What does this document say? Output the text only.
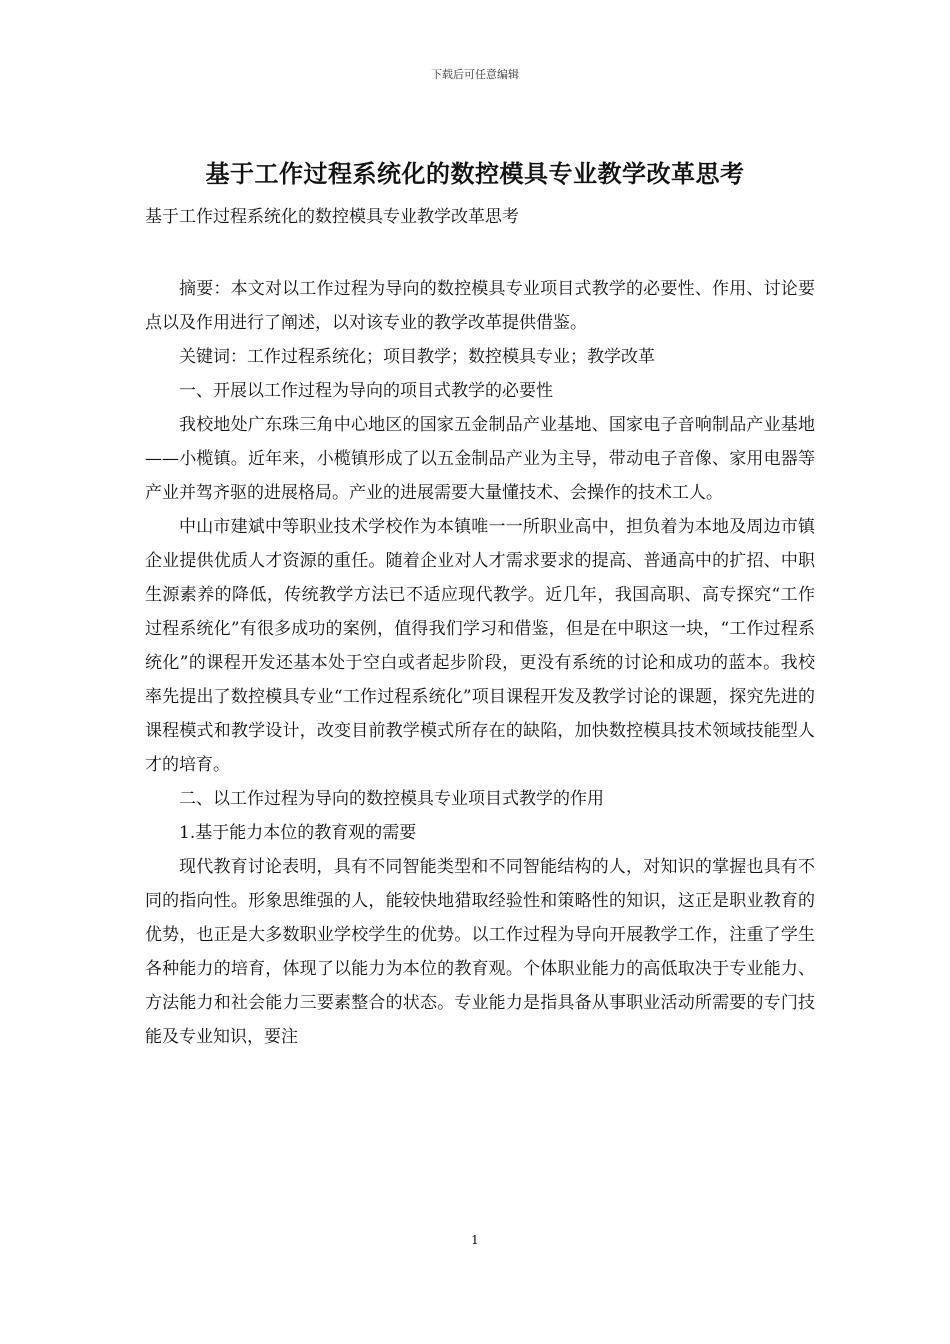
下载后可任意编辑
基于工作过程系统化的数控模具专业教学改革思考
基于工作过程系统化的数控模具专业教学改革思考

摘要：本文对以工作过程为导向的数控模具专业项目式教学的必要性、作用、讨论要点以及作用进行了阐述，以对该专业的教学改革提供借鉴。

关键词：工作过程系统化；项目教学；数控模具专业；教学改革

一、开展以工作过程为导向的项目式教学的必要性

我校地处广东珠三角中心地区的国家五金制品产业基地、国家电子音响制品产业基地——小榄镇。近年来，小榄镇形成了以五金制品产业为主导，带动电子音像、家用电器等产业并驾齐驱的进展格局。产业的进展需要大量懂技术、会操作的技术工人。

中山市建斌中等职业技术学校作为本镇唯一一所职业高中，担负着为本地及周边市镇企业提供优质人才资源的重任。随着企业对人才需求要求的提高、普通高中的扩招、中职生源素养的降低，传统教学方法已不适应现代教学。近几年，我国高职、高专探究“工作过程系统化”有很多成功的案例，值得我们学习和借鉴，但是在中职这一块，“工作过程系统化”的课程开发还基本处于空白或者起步阶段，更没有系统的讨论和成功的蓝本。我校率先提出了数控模具专业“工作过程系统化”项目课程开发及教学讨论的课题，探究先进的课程模式和教学设计，改变目前教学模式所存在的缺陷，加快数控模具技术领域技能型人才的培育。

二、以工作过程为导向的数控模具专业项目式教学的作用

1.基于能力本位的教育观的需要

现代教育讨论表明，具有不同智能类型和不同智能结构的人，对知识的掌握也具有不同的指向性。形象思维强的人，能较快地猎取经验性和策略性的知识，这正是职业教育的优势，也正是大多数职业学校学生的优势。以工作过程为导向开展教学工作，注重了学生各种能力的培育，体现了以能力为本位的教育观。个体职业能力的高低取决于专业能力、方法能力和社会能力三要素整合的状态。专业能力是指具备从事职业活动所需要的专门技能及专业知识，要注

1
